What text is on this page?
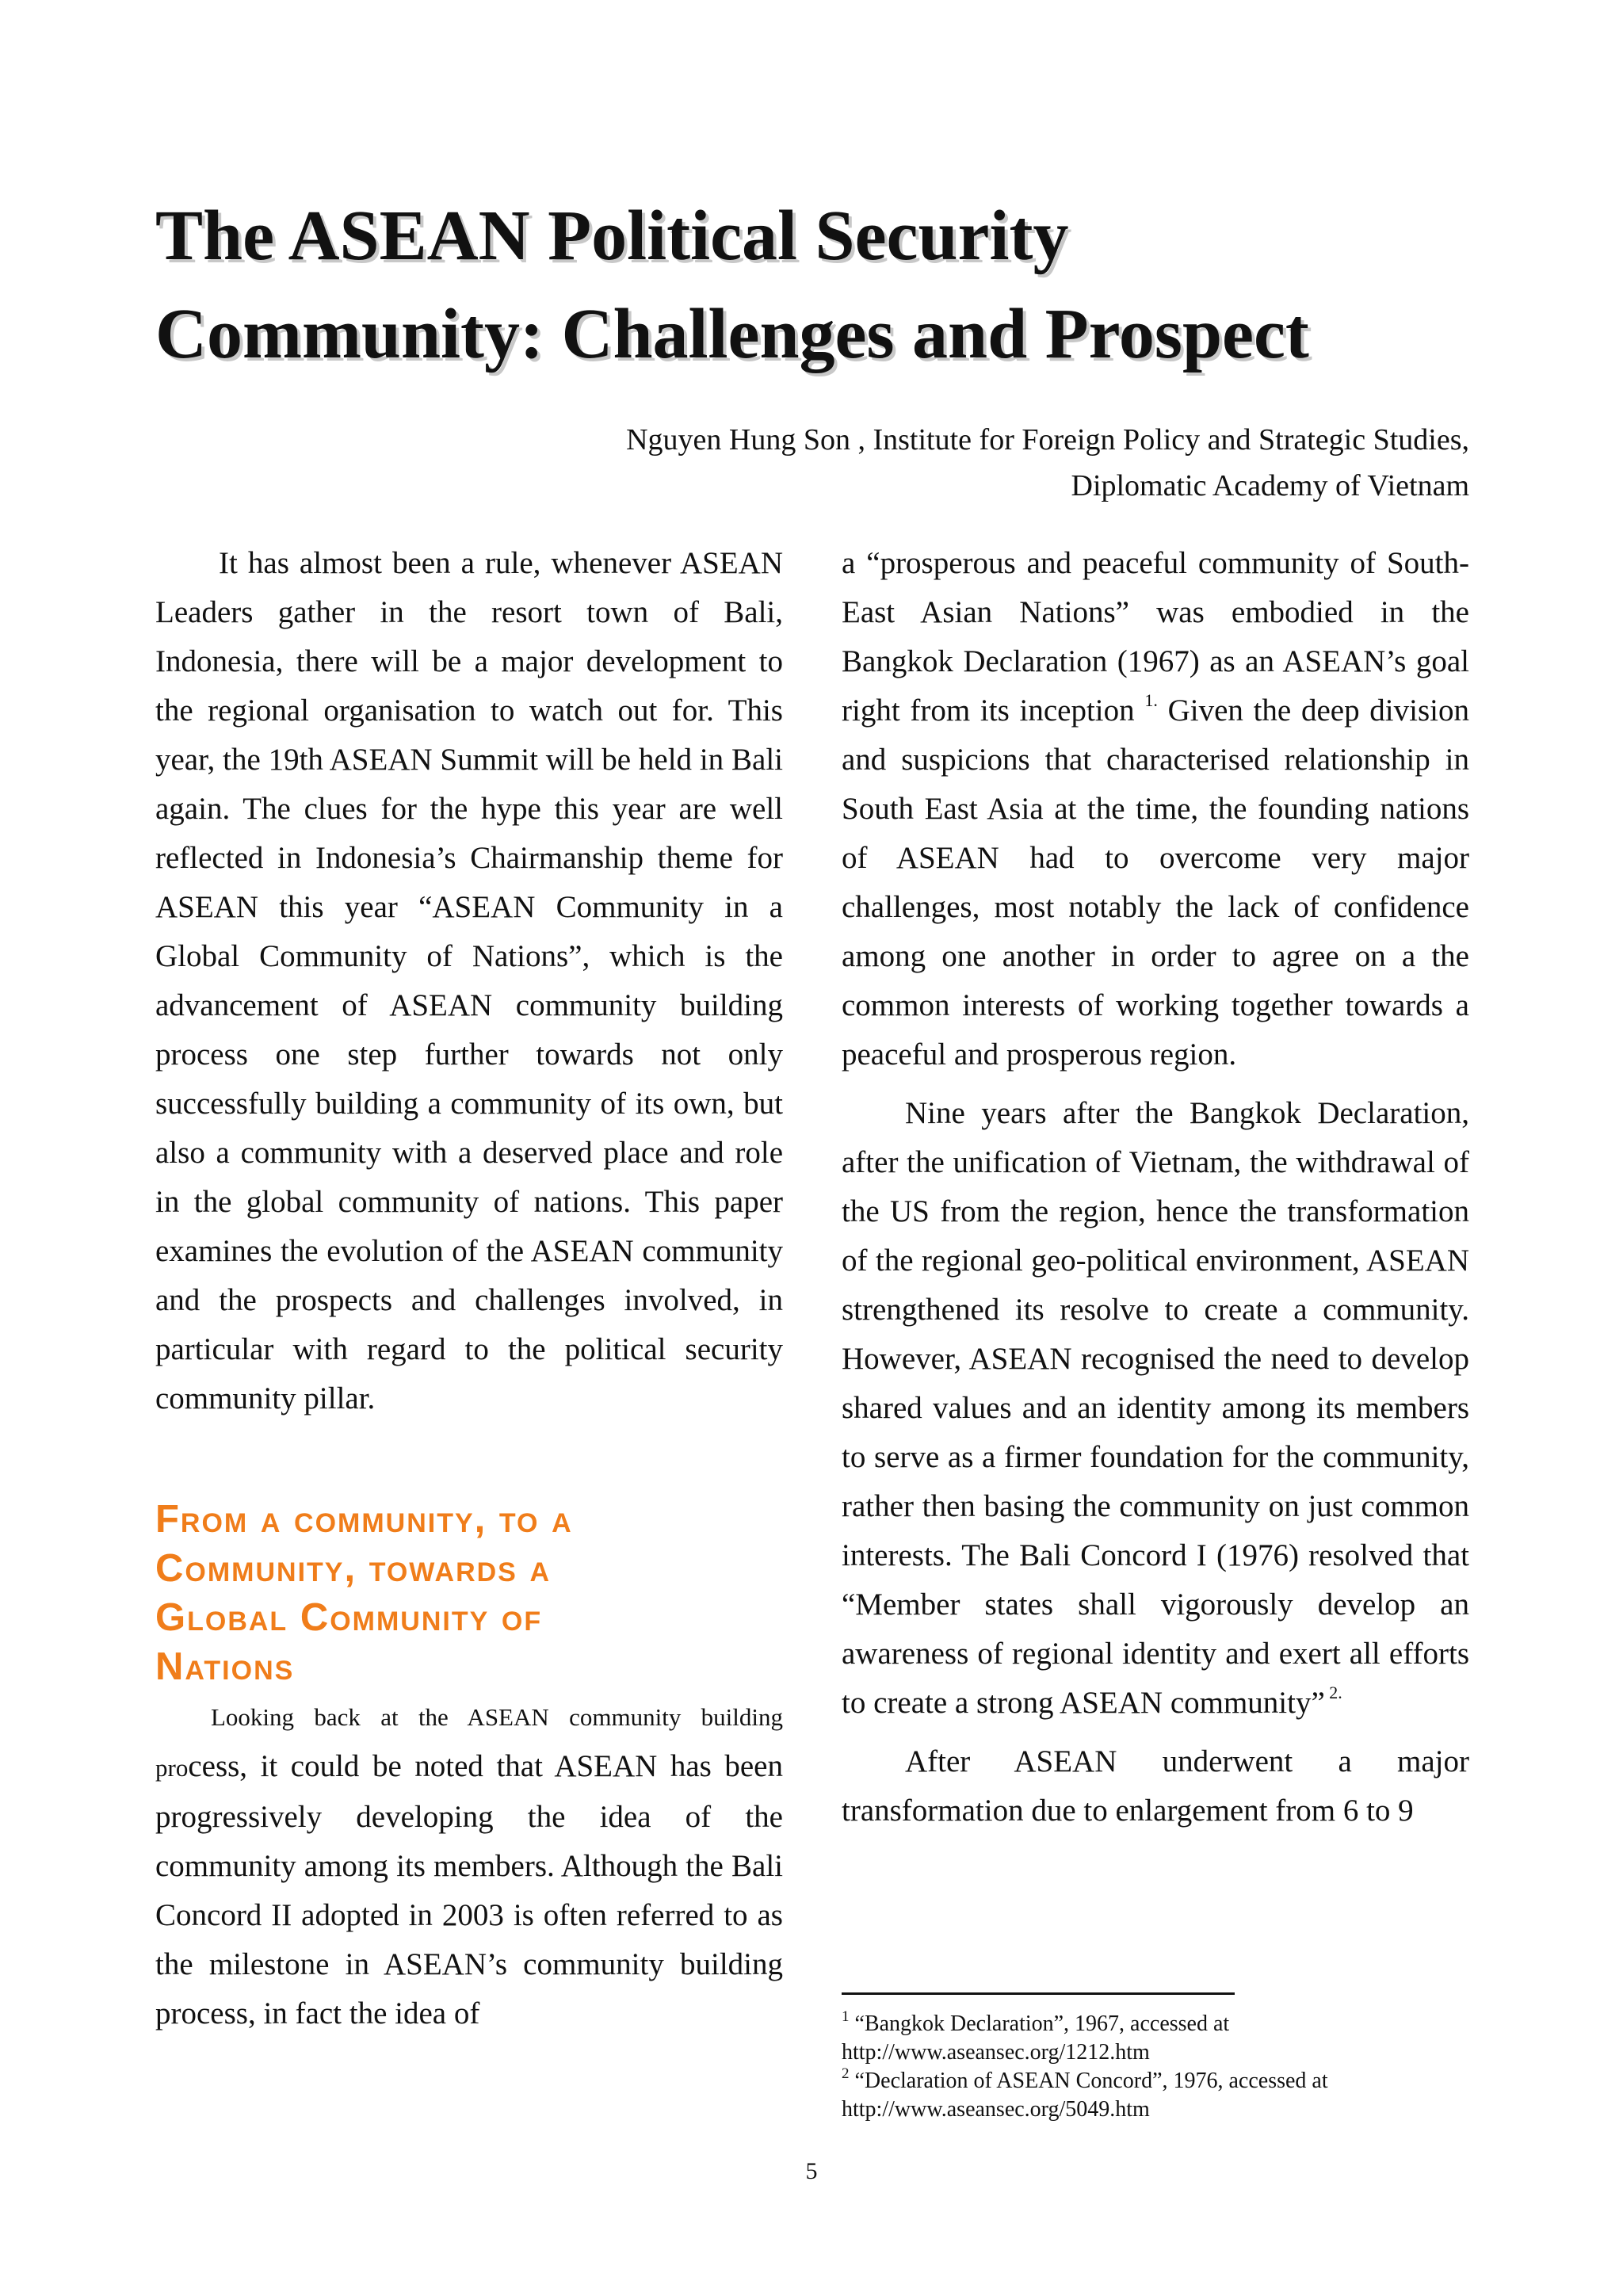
The ASEAN Political Security
Community: Challenges and Prospect
Nguyen Hung Son , Institute for Foreign Policy and Strategic Studies,
Diplomatic Academy of Vietnam

It has almost been a rule, whenever ASEAN Leaders gather in the resort town of Bali, Indonesia, there will be a major development to the regional organisation to watch out for. This year, the 19th ASEAN Summit will be held in Bali again. The clues for the hype this year are well reflected in Indonesia’s Chairmanship theme for ASEAN this year “ASEAN Community in a Global Community of Nations”, which is the advancement of ASEAN community building process one step further towards not only successfully building a community of its own, but also a community with a deserved place and role in the global community of nations. This paper examines the evolution of the ASEAN community and the prospects and challenges involved, in particular with regard to the political security community pillar.

From a community, to a
Community, towards a
Global Community of
Nations

Looking back at the ASEAN community building process, it could be noted that ASEAN has been progressively developing the idea of the community among its members. Although the Bali Concord II adopted in 2003 is often referred to as the milestone in ASEAN’s community building process, in fact the idea of

a “prosperous and peaceful community of South-East Asian Nations” was embodied in the Bangkok Declaration (1967) as an ASEAN’s goal right from its inception $^{1.}$ Given the deep division and suspicions that characterised relationship in South East Asia at the time, the founding nations of ASEAN had to overcome very major challenges, most notably the lack of confidence among one another in order to agree on a the common interests of working together towards a peaceful and prosperous region.

Nine years after the Bangkok Declaration, after the unification of Vietnam, the withdrawal of the US from the region, hence the transformation of the regional geo-political environment, ASEAN strengthened its resolve to create a community. However, ASEAN recognised the need to develop shared values and an identity among its members to serve as a firmer foundation for the community, rather then basing the community on just common interests. The Bali Concord I (1976) resolved that “Member states shall vigorously develop an awareness of regional identity and exert all efforts to create a strong ASEAN community” $^{2.}$

After ASEAN underwent a major transformation due to enlargement from 6 to 9

$^1$ “Bangkok Declaration”, 1967, accessed at http://www.aseansec.org/1212.htm
$^2$ “Declaration of ASEAN Concord”, 1976, accessed at http://www.aseansec.org/5049.htm
5
